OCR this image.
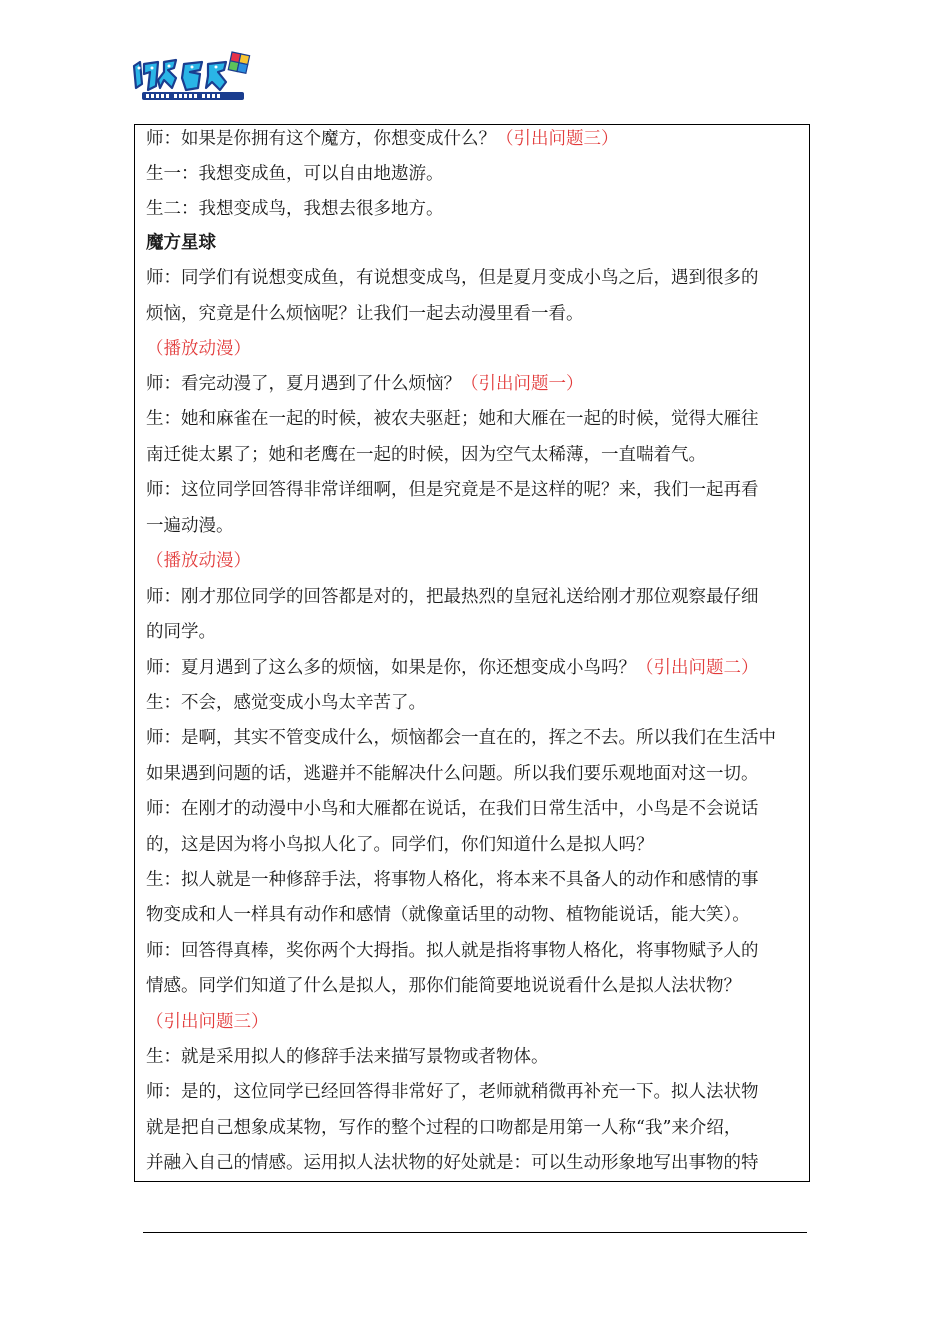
师：如果是你拥有这个魔方，你想变成什么？（引出问题三）
生一：我想变成鱼，可以自由地遨游。
生二：我想变成鸟，我想去很多地方。
魔方星球
师：同学们有说想变成鱼，有说想变成鸟，但是夏月变成小鸟之后，遇到很多的
烦恼，究竟是什么烦恼呢？让我们一起去动漫里看一看。
（播放动漫）
师：看完动漫了，夏月遇到了什么烦恼？（引出问题一）
生：她和麻雀在一起的时候，被农夫驱赶；她和大雁在一起的时候，觉得大雁往
南迁徙太累了；她和老鹰在一起的时候，因为空气太稀薄，一直喘着气。
师：这位同学回答得非常详细啊，但是究竟是不是这样的呢？来，我们一起再看
一遍动漫。
（播放动漫）
师：刚才那位同学的回答都是对的，把最热烈的皇冠礼送给刚才那位观察最仔细
的同学。
师：夏月遇到了这么多的烦恼，如果是你，你还想变成小鸟吗？（引出问题二）
生：不会，感觉变成小鸟太辛苦了。
师：是啊，其实不管变成什么，烦恼都会一直在的，挥之不去。所以我们在生活中
如果遇到问题的话，逃避并不能解决什么问题。所以我们要乐观地面对这一切。
师：在刚才的动漫中小鸟和大雁都在说话，在我们日常生活中，小鸟是不会说话
的，这是因为将小鸟拟人化了。同学们，你们知道什么是拟人吗？
生：拟人就是一种修辞手法，将事物人格化，将本来不具备人的动作和感情的事
物变成和人一样具有动作和感情（就像童话里的动物、植物能说话，能大笑）。
师：回答得真棒，奖你两个大拇指。拟人就是指将事物人格化，将事物赋予人的
情感。同学们知道了什么是拟人，那你们能简要地说说看什么是拟人法状物？
（引出问题三）
生：就是采用拟人的修辞手法来描写景物或者物体。
师：是的，这位同学已经回答得非常好了，老师就稍微再补充一下。拟人法状物
就是把自己想象成某物，写作的整个过程的口吻都是用第一人称“我”来介绍，
并融入自己的情感。运用拟人法状物的好处就是：可以生动形象地写出事物的特
